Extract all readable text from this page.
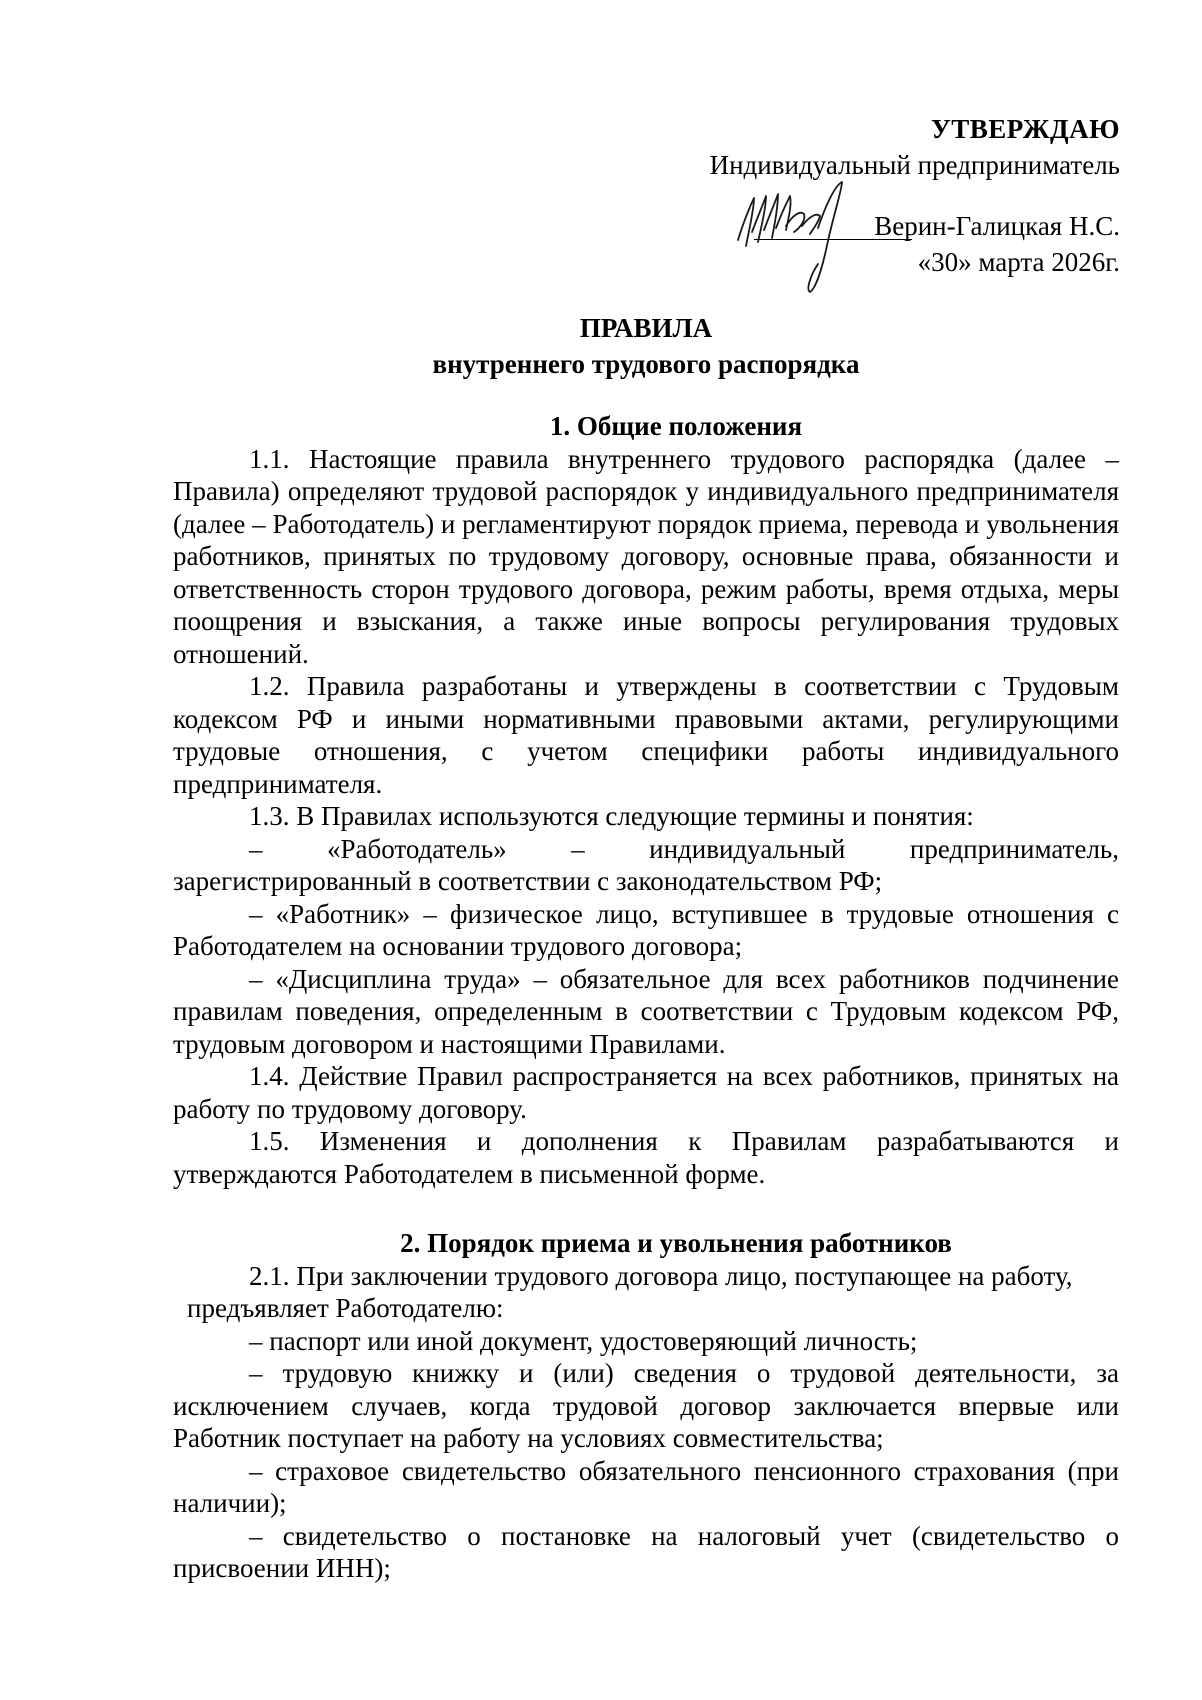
УТВЕРЖДАЮ
Индивидуальный предприниматель
Верин-Галицкая Н.С.
«30» марта 2026г.
ПРАВИЛА
внутреннего трудового распорядка
1. Общие положения

1.1. Настоящие правила внутреннего трудового распорядка (далее – Правила) определяют трудовой распорядок у индивидуального предпринимателя (далее – Работодатель) и регламентируют порядок приема, перевода и увольнения работников, принятых по трудовому договору, основные права, обязанности и ответственность сторон трудового договора, режим работы, время отдыха, меры поощрения и взыскания, а также иные вопросы регулирования трудовых отношений.

1.2. Правила разработаны и утверждены в соответствии с Трудовым кодексом РФ и иными нормативными правовыми актами, регулирующими трудовые отношения, с учетом специфики работы индивидуального предпринимателя.

1.3. В Правилах используются следующие термины и понятия:

– «Работодатель» – индивидуальный предприниматель, зарегистрированный в соответствии с законодательством РФ;

– «Работник» – физическое лицо, вступившее в трудовые отношения с Работодателем на основании трудового договора;

– «Дисциплина труда» – обязательное для всех работников подчинение правилам поведения, определенным в соответствии с Трудовым кодексом РФ, трудовым договором и настоящими Правилами.

1.4. Действие Правил распространяется на всех работников, принятых на работу по трудовому договору.

1.5. Изменения и дополнения к Правилам разрабатываются и утверждаются Работодателем в письменной форме.

2. Порядок приема и увольнения работников

2.1. При заключении трудового договора лицо, поступающее на работу,

предъявляет Работодателю:

– паспорт или иной документ, удостоверяющий личность;

– трудовую книжку и (или) сведения о трудовой деятельности, за исключением случаев, когда трудовой договор заключается впервые или Работник поступает на работу на условиях совместительства;

– страховое свидетельство обязательного пенсионного страхования (при наличии);

– свидетельство о постановке на налоговый учет (свидетельство о присвоении ИНН);
